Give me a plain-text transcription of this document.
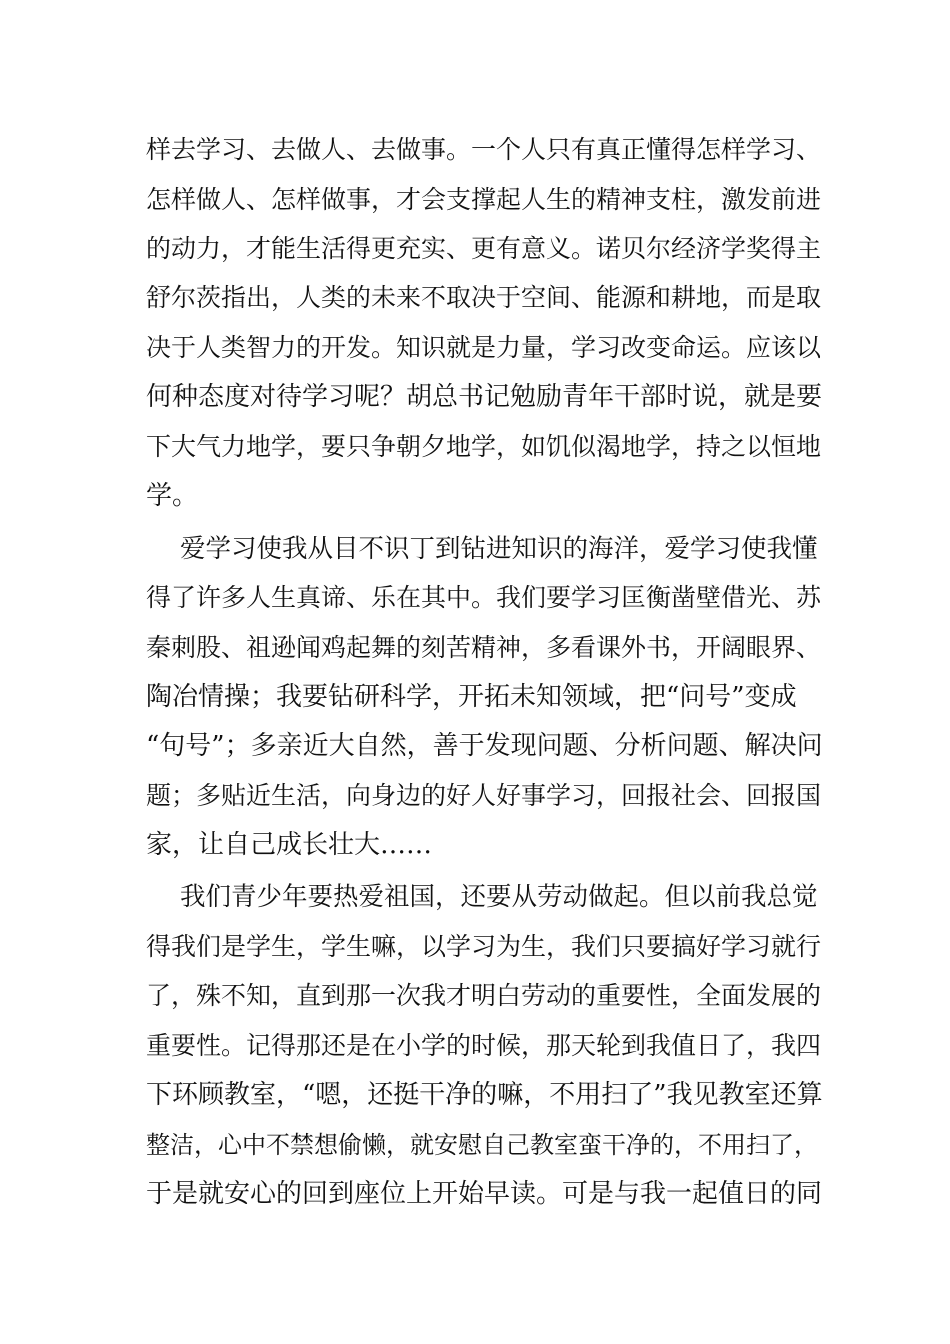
样去学习、去做人、去做事。一个人只有真正懂得怎样学习、
怎样做人、怎样做事，才会支撑起人生的精神支柱，激发前进
的动力，才能生活得更充实、更有意义。诺贝尔经济学奖得主
舒尔茨指出，人类的未来不取决于空间、能源和耕地，而是取
决于人类智力的开发。知识就是力量，学习改变命运。应该以
何种态度对待学习呢？胡总书记勉励青年干部时说，就是要
下大气力地学，要只争朝夕地学，如饥似渴地学，持之以恒地
学。
爱学习使我从目不识丁到钻进知识的海洋，爱学习使我懂
得了许多人生真谛、乐在其中。我们要学习匡衡凿壁借光、苏
秦刺股、祖逊闻鸡起舞的刻苦精神，多看课外书，开阔眼界、
陶冶情操；我要钻研科学，开拓未知领域，把“问号”变成
“句号”；多亲近大自然，善于发现问题、分析问题、解决问
题；多贴近生活，向身边的好人好事学习，回报社会、回报国
家，让自己成长壮大……
我们青少年要热爱祖国，还要从劳动做起。但以前我总觉
得我们是学生，学生嘛，以学习为生，我们只要搞好学习就行
了，殊不知，直到那一次我才明白劳动的重要性，全面发展的
重要性。记得那还是在小学的时候，那天轮到我值日了，我四
下环顾教室，“嗯，还挺干净的嘛，不用扫了”我见教室还算
整洁，心中不禁想偷懒，就安慰自己教室蛮干净的，不用扫了，
于是就安心的回到座位上开始早读。可是与我一起值日的同
